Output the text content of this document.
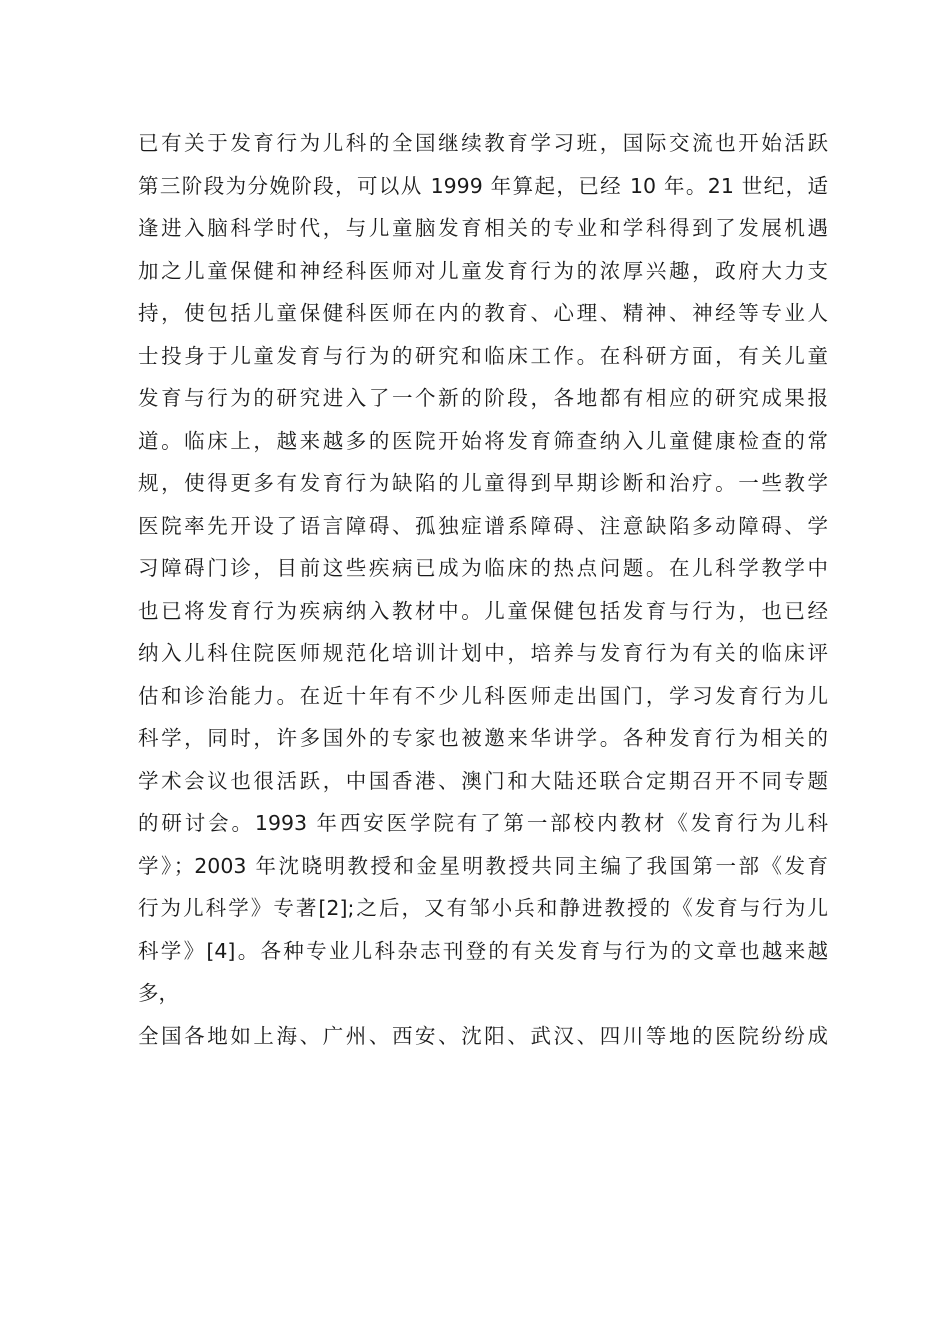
已有关于发育行为儿科的全国继续教育学习班，国际交流也开始活跃
第三阶段为分娩阶段，可以从 1999 年算起，已经 10 年。21 世纪，适
逢进入脑科学时代，与儿童脑发育相关的专业和学科得到了发展机遇
加之儿童保健和神经科医师对儿童发育行为的浓厚兴趣，政府大力支
持，使包括儿童保健科医师在内的教育、心理、精神、神经等专业人
士投身于儿童发育与行为的研究和临床工作。在科研方面，有关儿童
发育与行为的研究进入了一个新的阶段，各地都有相应的研究成果报
道。临床上，越来越多的医院开始将发育筛查纳入儿童健康检查的常
规，使得更多有发育行为缺陷的儿童得到早期诊断和治疗。一些教学
医院率先开设了语言障碍、孤独症谱系障碍、注意缺陷多动障碍、学
习障碍门诊，目前这些疾病已成为临床的热点问题。在儿科学教学中
也已将发育行为疾病纳入教材中。儿童保健包括发育与行为，也已经
纳入儿科住院医师规范化培训计划中，培养与发育行为有关的临床评
估和诊治能力。在近十年有不少儿科医师走出国门，学习发育行为儿
科学，同时，许多国外的专家也被邀来华讲学。各种发育行为相关的
学术会议也很活跃，中国香港、澳门和大陆还联合定期召开不同专题
的研讨会。1993 年西安医学院有了第一部校内教材《发育行为儿科
学》；2003 年沈晓明教授和金星明教授共同主编了我国第一部《发育
行为儿科学》专著[2];之后，又有邹小兵和静进教授的《发育与行为儿
科学》[4]。各种专业儿科杂志刊登的有关发育与行为的文章也越来越
多，
全国各地如上海、广州、西安、沈阳、武汉、四川等地的医院纷纷成
